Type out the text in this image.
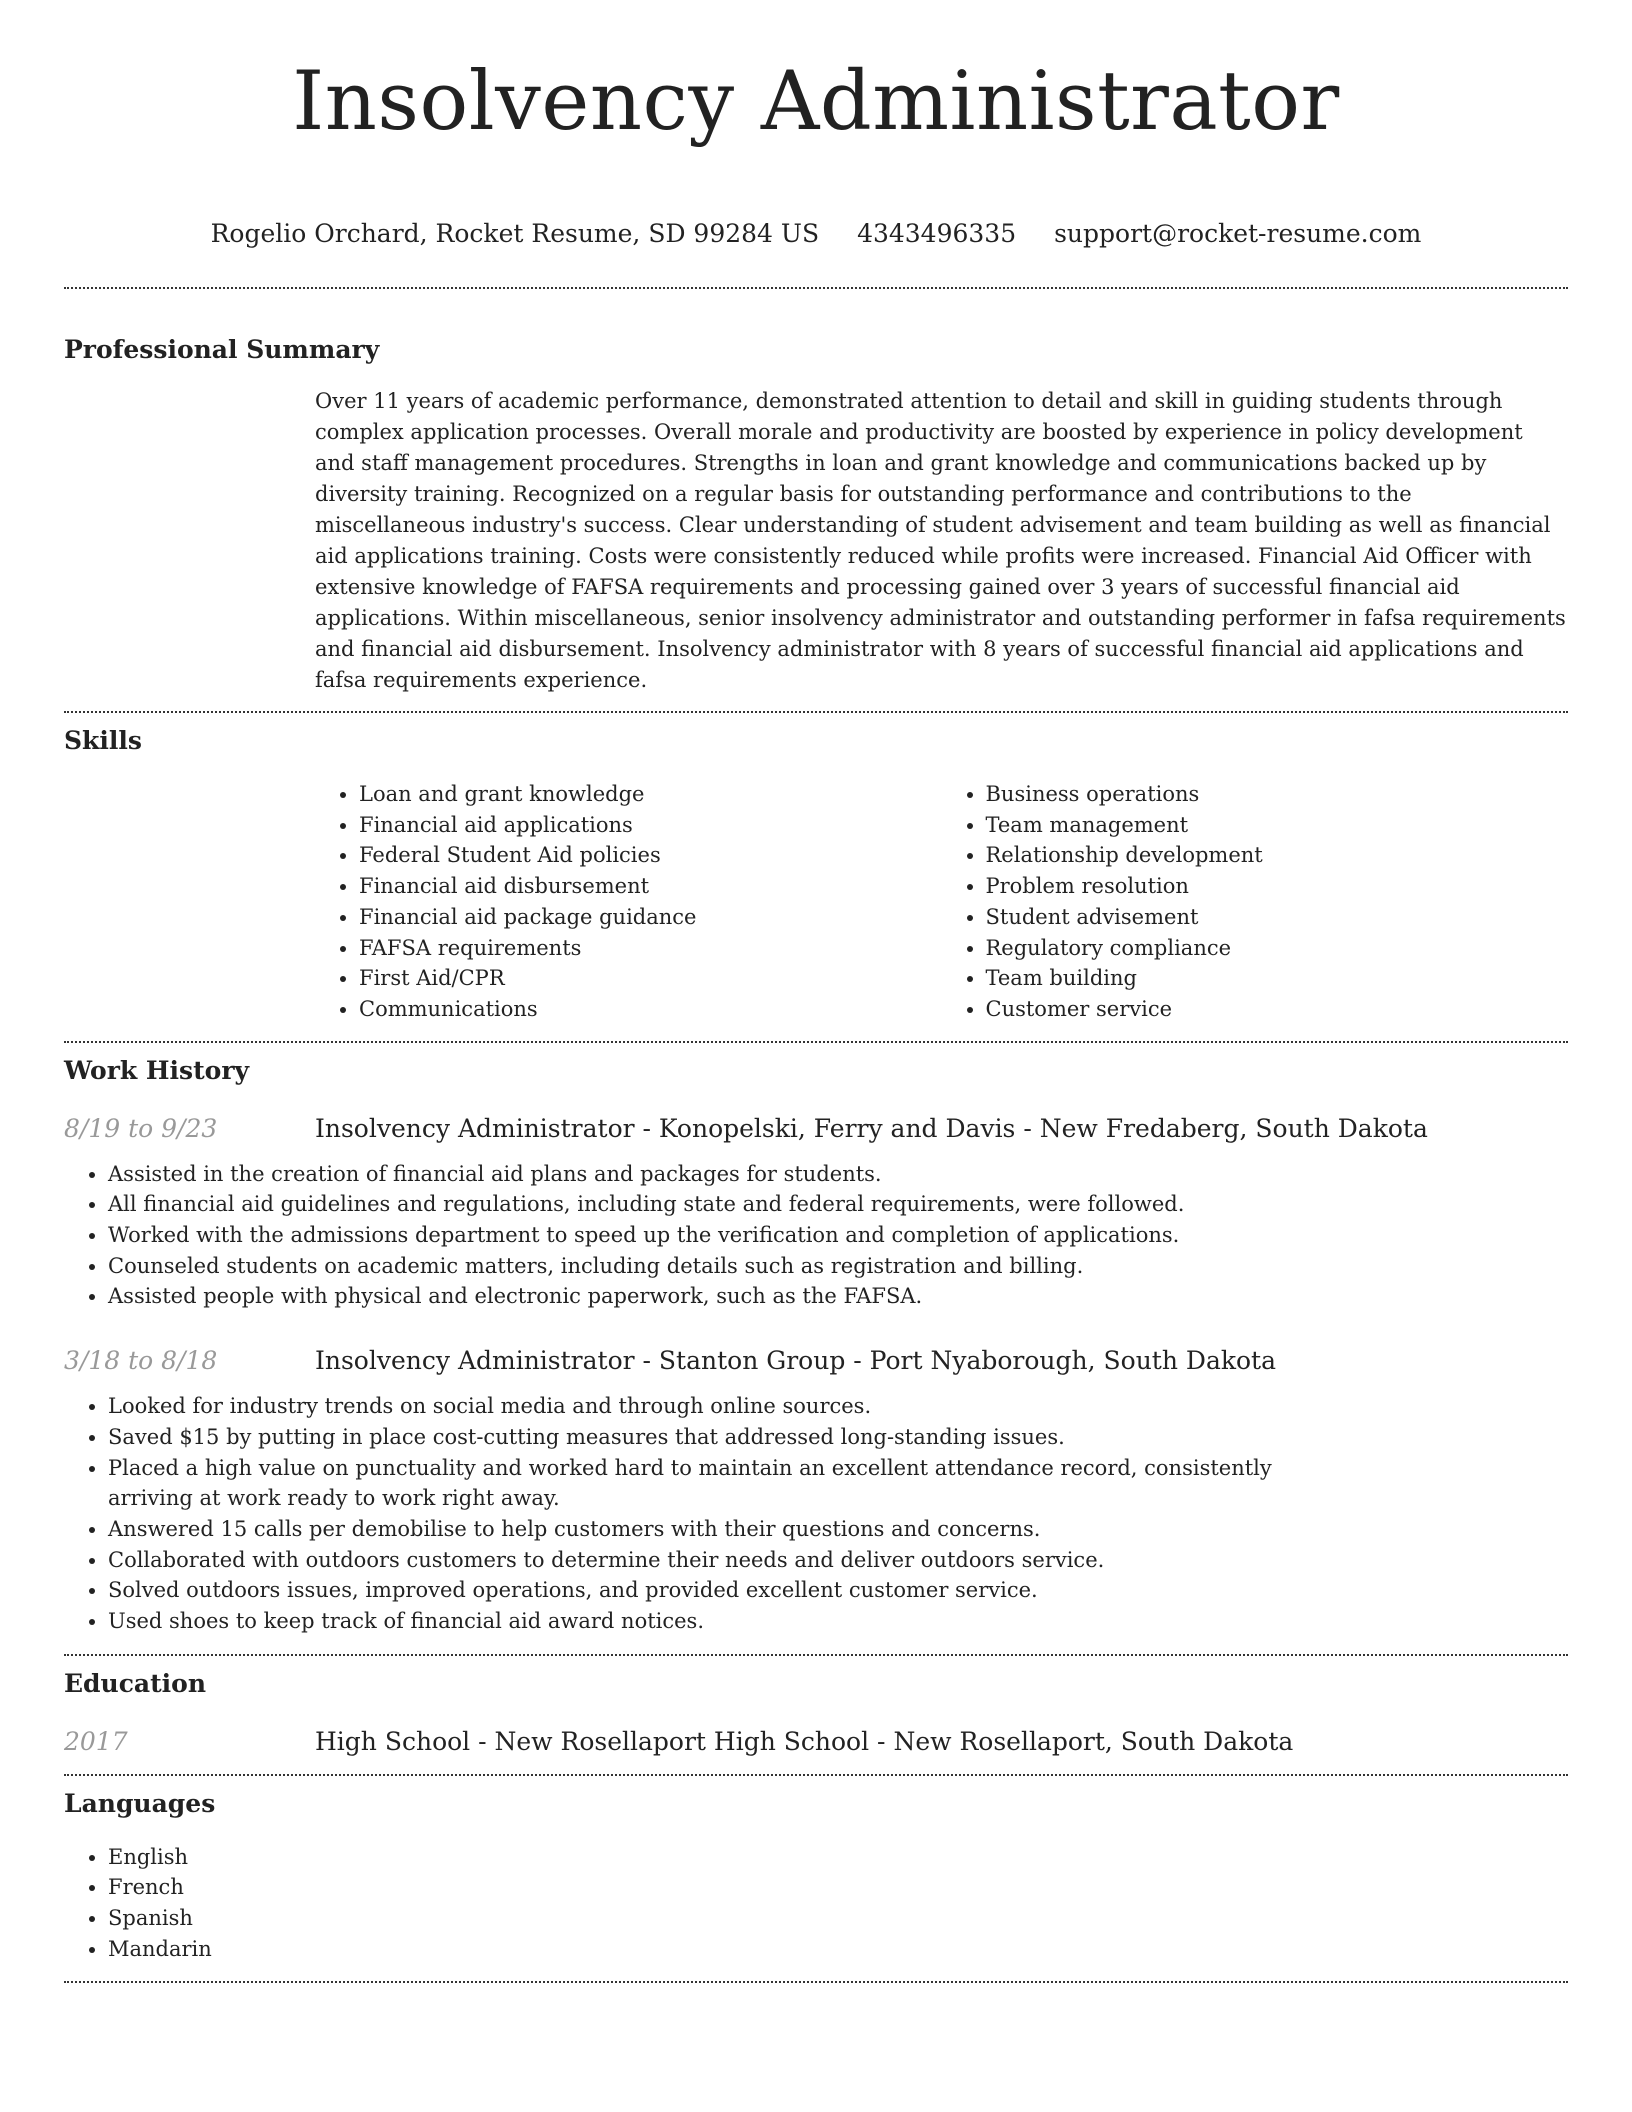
Insolvency Administrator
Rogelio Orchard, Rocket Resume, SD 99284 US 4343496335 support@rocket-resume.com
Professional Summary
Over 11 years of academic performance, demonstrated attention to detail and skill in guiding students through complex application processes. Overall morale and productivity are boosted by experience in policy development and staff management procedures. Strengths in loan and grant knowledge and communications backed up by diversity training. Recognized on a regular basis for outstanding performance and contributions to the miscellaneous industry's success. Clear understanding of student advisement and team building as well as financial aid applications training. Costs were consistently reduced while profits were increased. Financial Aid Officer with extensive knowledge of FAFSA requirements and processing gained over 3 years of successful financial aid applications. Within miscellaneous, senior insolvency administrator and outstanding performer in fafsa requirements and financial aid disbursement. Insolvency administrator with 8 years of successful financial aid applications and fafsa requirements experience.
Skills
• Loan and grant knowledge
• Financial aid applications
• Federal Student Aid policies
• Financial aid disbursement
• Financial aid package guidance
• FAFSA requirements
• First Aid/CPR
• Communications
• Business operations
• Team management
• Relationship development
• Problem resolution
• Student advisement
• Regulatory compliance
• Team building
• Customer service
Work History
8/19 to 9/23	Insolvency Administrator - Konopelski, Ferry and Davis - New Fredaberg, South Dakota
• Assisted in the creation of financial aid plans and packages for students.
• All financial aid guidelines and regulations, including state and federal requirements, were followed.
• Worked with the admissions department to speed up the verification and completion of applications.
• Counseled students on academic matters, including details such as registration and billing.
• Assisted people with physical and electronic paperwork, such as the FAFSA.
3/18 to 8/18	Insolvency Administrator - Stanton Group - Port Nyaborough, South Dakota
• Looked for industry trends on social media and through online sources.
• Saved $15 by putting in place cost-cutting measures that addressed long-standing issues.
• Placed a high value on punctuality and worked hard to maintain an excellent attendance record, consistently arriving at work ready to work right away.
• Answered 15 calls per demobilise to help customers with their questions and concerns.
• Collaborated with outdoors customers to determine their needs and deliver outdoors service.
• Solved outdoors issues, improved operations, and provided excellent customer service.
• Used shoes to keep track of financial aid award notices.
Education
2017	High School - New Rosellaport High School - New Rosellaport, South Dakota
Languages
• English
• French
• Spanish
• Mandarin
